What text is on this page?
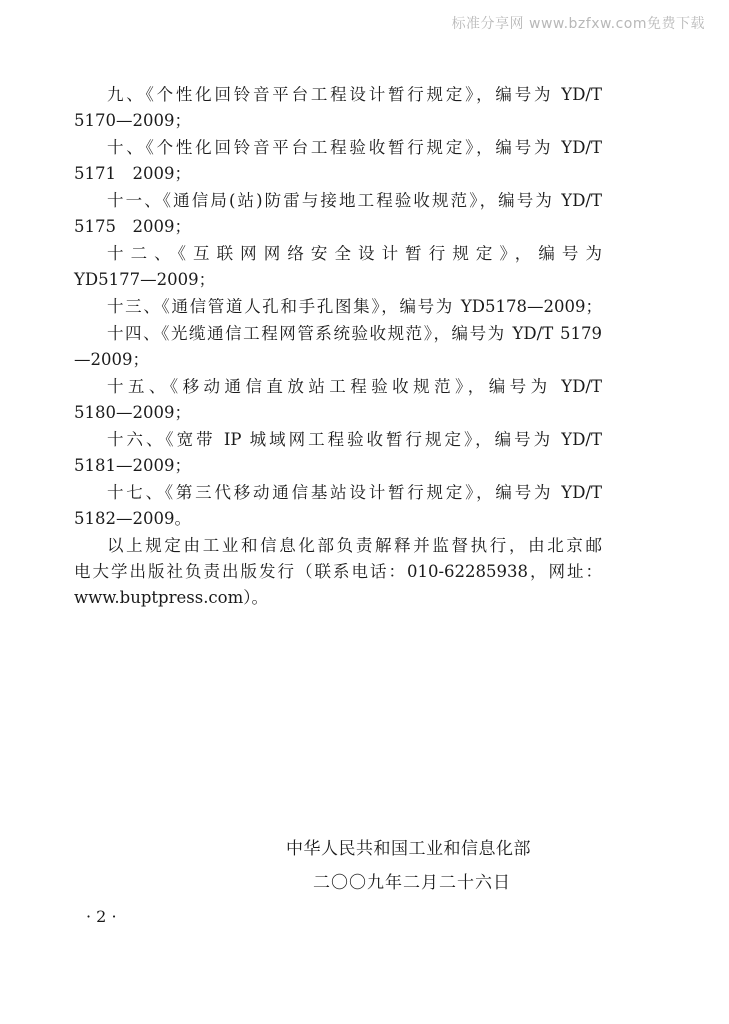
标准分享网 www.bzfxw.com免费下载
九、《个性化回铃音平台工程设计暂行规定》，编号为 YD/T
5170—2009；
十、《个性化回铃音平台工程验收暂行规定》，编号为 YD/T
5171　2009；
十一、《通信局(站)防雷与接地工程验收规范》，编号为 YD/T
5175　2009；
十二、《互联网网络安全设计暂行规定》，编号为
YD5177—2009；
十三、《通信管道人孔和手孔图集》，编号为 YD5178—2009；
十四、《光缆通信工程网管系统验收规范》，编号为 YD/T 5179
—2009；
十五、《移动通信直放站工程验收规范》，编号为 YD/T
5180—2009；
十六、《宽带 IP 城域网工程验收暂行规定》，编号为 YD/T
5181—2009；
十七、《第三代移动通信基站设计暂行规定》，编号为 YD/T
5182—2009。
以上规定由工业和信息化部负责解释并监督执行，由北京邮
电大学出版社负责出版发行（联系电话：010-62285938，网址：
www.buptpress.com）。
中华人民共和国工业和信息化部
二〇〇九年二月二十六日
· 2 ·
